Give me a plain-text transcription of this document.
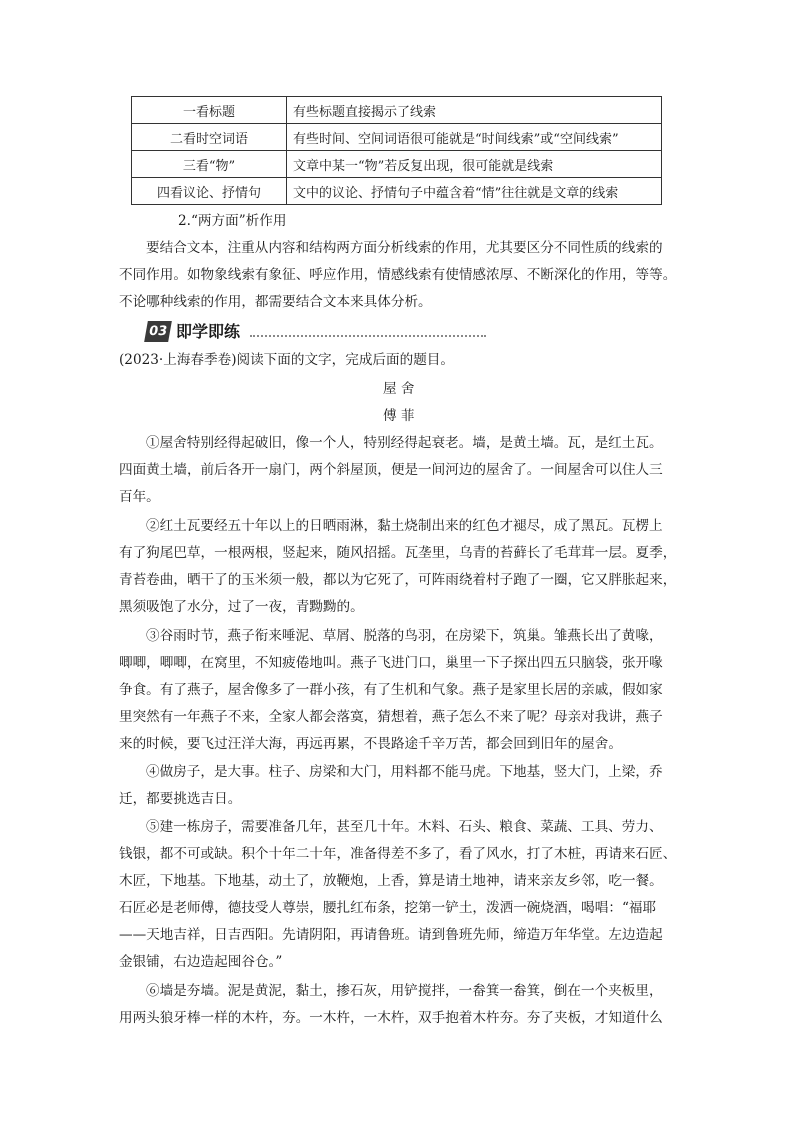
一看标题	有些标题直接揭示了线索
二看时空词语	有些时间、空间词语很可能就是“时间线索”或“空间线索”
三看“物”	文章中某一“物”若反复出现，很可能就是线索
四看议论、抒情句	文中的议论、抒情句子中蕴含着“情”往往就是文章的线索
2.“两方面”析作用
要结合文本，注重从内容和结构两方面分析线索的作用，尤其要区分不同性质的线索的
不同作用。如物象线索有象征、呼应作用，情感线索有使情感浓厚、不断深化的作用，等等。
不论哪种线索的作用，都需要结合文本来具体分析。
03 即学即练
(2023·上海春季卷)阅读下面的文字，完成后面的题目。
屋 舍
傅 菲
①屋舍特别经得起破旧，像一个人，特别经得起衰老。墙，是黄土墙。瓦，是红土瓦。
四面黄土墙，前后各开一扇门，两个斜屋顶，便是一间河边的屋舍了。一间屋舍可以住人三
百年。
②红土瓦要经五十年以上的日晒雨淋，黏土烧制出来的红色才褪尽，成了黑瓦。瓦楞上
有了狗尾巴草，一根两根，竖起来，随风招摇。瓦垄里，乌青的苔藓长了毛茸茸一层。夏季，
青苔卷曲，晒干了的玉米须一般，都以为它死了，可阵雨绕着村子跑了一圈，它又胖胀起来，
黑须吸饱了水分，过了一夜，青黝黝的。
③谷雨时节，燕子衔来唾泥、草屑、脱落的鸟羽，在房梁下，筑巢。雏燕长出了黄喙，
唧唧，唧唧，在窝里，不知疲倦地叫。燕子飞进门口，巢里一下子探出四五只脑袋，张开喙
争食。有了燕子，屋舍像多了一群小孩，有了生机和气象。燕子是家里长居的亲戚，假如家
里突然有一年燕子不来，全家人都会落寞，猜想着，燕子怎么不来了呢？母亲对我讲，燕子
来的时候，要飞过汪洋大海，再远再累，不畏路途千辛万苦，都会回到旧年的屋舍。
④做房子，是大事。柱子、房梁和大门，用料都不能马虎。下地基，竖大门，上梁，乔
迁，都要挑选吉日。
⑤建一栋房子，需要准备几年，甚至几十年。木料、石头、粮食、菜蔬、工具、劳力、
钱银，都不可或缺。积个十年二十年，准备得差不多了，看了风水，打了木桩，再请来石匠、
木匠，下地基。下地基，动土了，放鞭炮，上香，算是请土地神，请来亲友乡邻，吃一餐。
石匠必是老师傅，德技受人尊崇，腰扎红布条，挖第一铲土，泼洒一碗烧酒，喝唱：“福耶
——天地吉祥，日吉西阳。先请阴阳，再请鲁班。请到鲁班先师，缔造万年华堂。左边造起
金银铺，右边造起囤谷仓。”
⑥墙是夯墙。泥是黄泥，黏土，掺石灰，用铲搅拌，一畚箕一畚箕，倒在一个夹板里，
用两头狼牙棒一样的木杵，夯。一木杵，一木杵，双手抱着木杵夯。夯了夹板，才知道什么
